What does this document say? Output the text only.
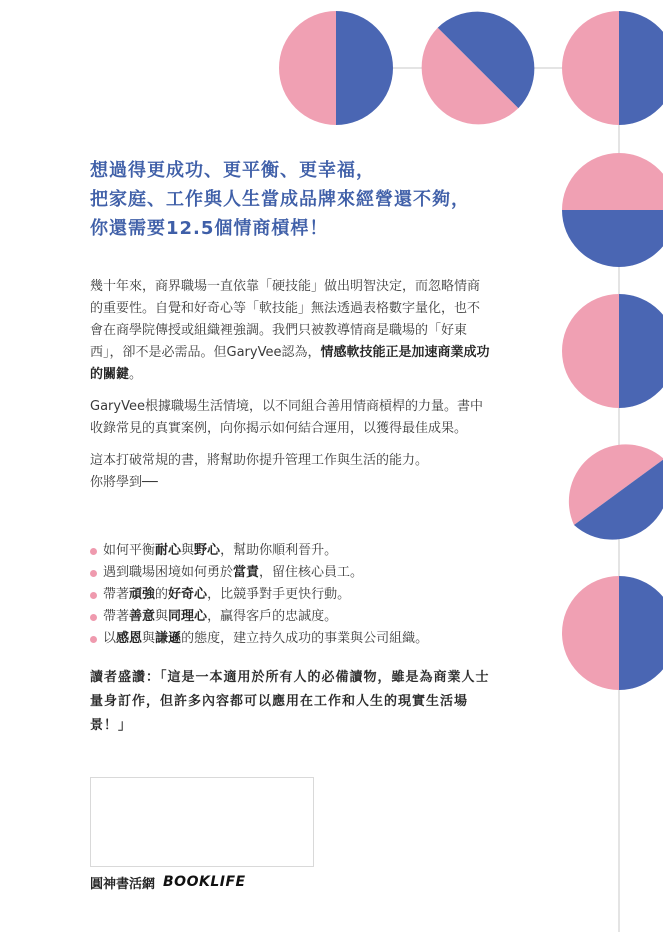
想過得更成功、更平衡、更幸福，
把家庭、工作與人生當成品牌來經營還不夠，
你還需要12.5個情商槓桿！

幾十年來，商界職場一直依靠「硬技能」做出明智決定，而忽略情商的重要性。自覺和好奇心等「軟技能」無法透過表格數字量化，也不會在商學院傳授或組織裡強調。我們只被教導情商是職場的「好東西」，卻不是必需品。但GaryVee認為，情感軟技能正是加速商業成功的關鍵。

GaryVee根據職場生活情境，以不同組合善用情商槓桿的力量。書中收錄常見的真實案例，向你揭示如何結合運用，以獲得最佳成果。

這本打破常規的書，將幫助你提升管理工作與生活的能力。
你將學到──

如何平衡耐心與野心，幫助你順利晉升。
遇到職場困境如何勇於當責，留住核心員工。
帶著頑強的好奇心，比競爭對手更快行動。
帶著善意與同理心，贏得客戶的忠誠度。
以感恩與謙遜的態度，建立持久成功的事業與公司組織。
讀者盛讚：「這是一本適用於所有人的必備讀物，雖是為商業人士量身訂作，但許多內容都可以應用在工作和人生的現實生活場景！」
圓神書活網 BOOKLIFE
